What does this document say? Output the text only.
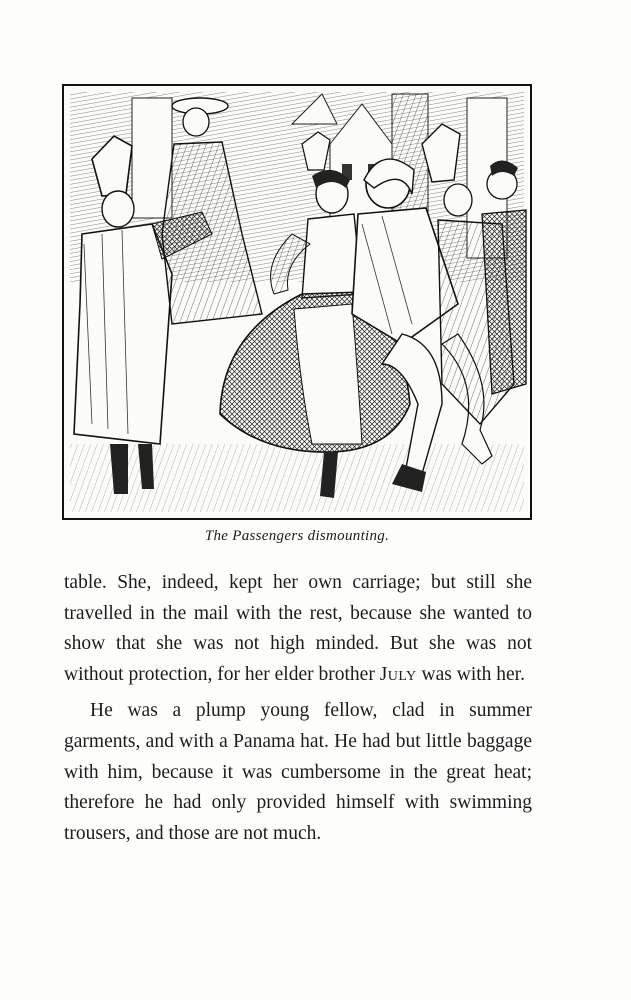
The Passengers dismounting.

table. She, indeed, kept her own carriage; but still she travelled in the mail with the rest, because she wanted to show that she was not high minded. But she was not without protection, for her elder brother July was with her.

He was a plump young fellow, clad in summer garments, and with a Panama hat. He had but little baggage with him, because it was cumbersome in the great heat; therefore he had only provided himself with swimming trousers, and those are not much.
